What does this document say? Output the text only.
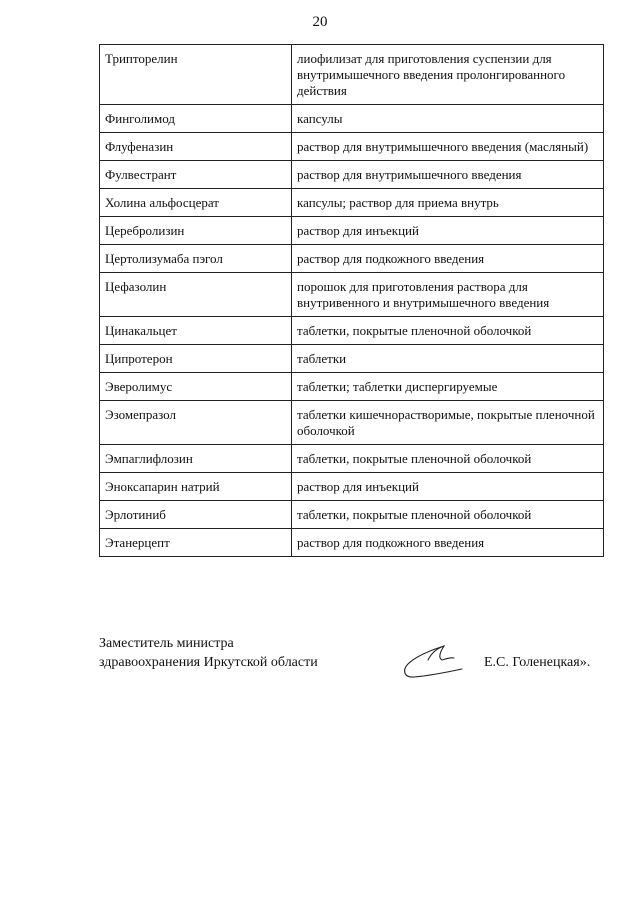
20
Трипторелин	лиофилизат для приготовления суспензии для внутримышечного введения пролонгированного действия
Финголимод	капсулы
Флуфеназин	раствор для внутримышечного введения (масляный)
Фулвестрант	раствор для внутримышечного введения
Холина альфосцерат	капсулы; раствор для приема внутрь
Церебролизин	раствор для инъекций
Цертолизумаба пэгол	раствор для подкожного введения
Цефазолин	порошок для приготовления раствора для внутривенного и внутримышечного введения
Цинакальцет	таблетки, покрытые пленочной оболочкой
Ципротерон	таблетки
Эверолимус	таблетки; таблетки диспергируемые
Эзомепразол	таблетки кишечнорастворимые, покрытые пленочной оболочкой
Эмпаглифлозин	таблетки, покрытые пленочной оболочкой
Эноксапарин натрий	раствор для инъекций
Эрлотиниб	таблетки, покрытые пленочной оболочкой
Этанерцепт	раствор для подкожного введения
Заместитель министра
здравоохранения Иркутской области	Е.С. Голенецкая».
